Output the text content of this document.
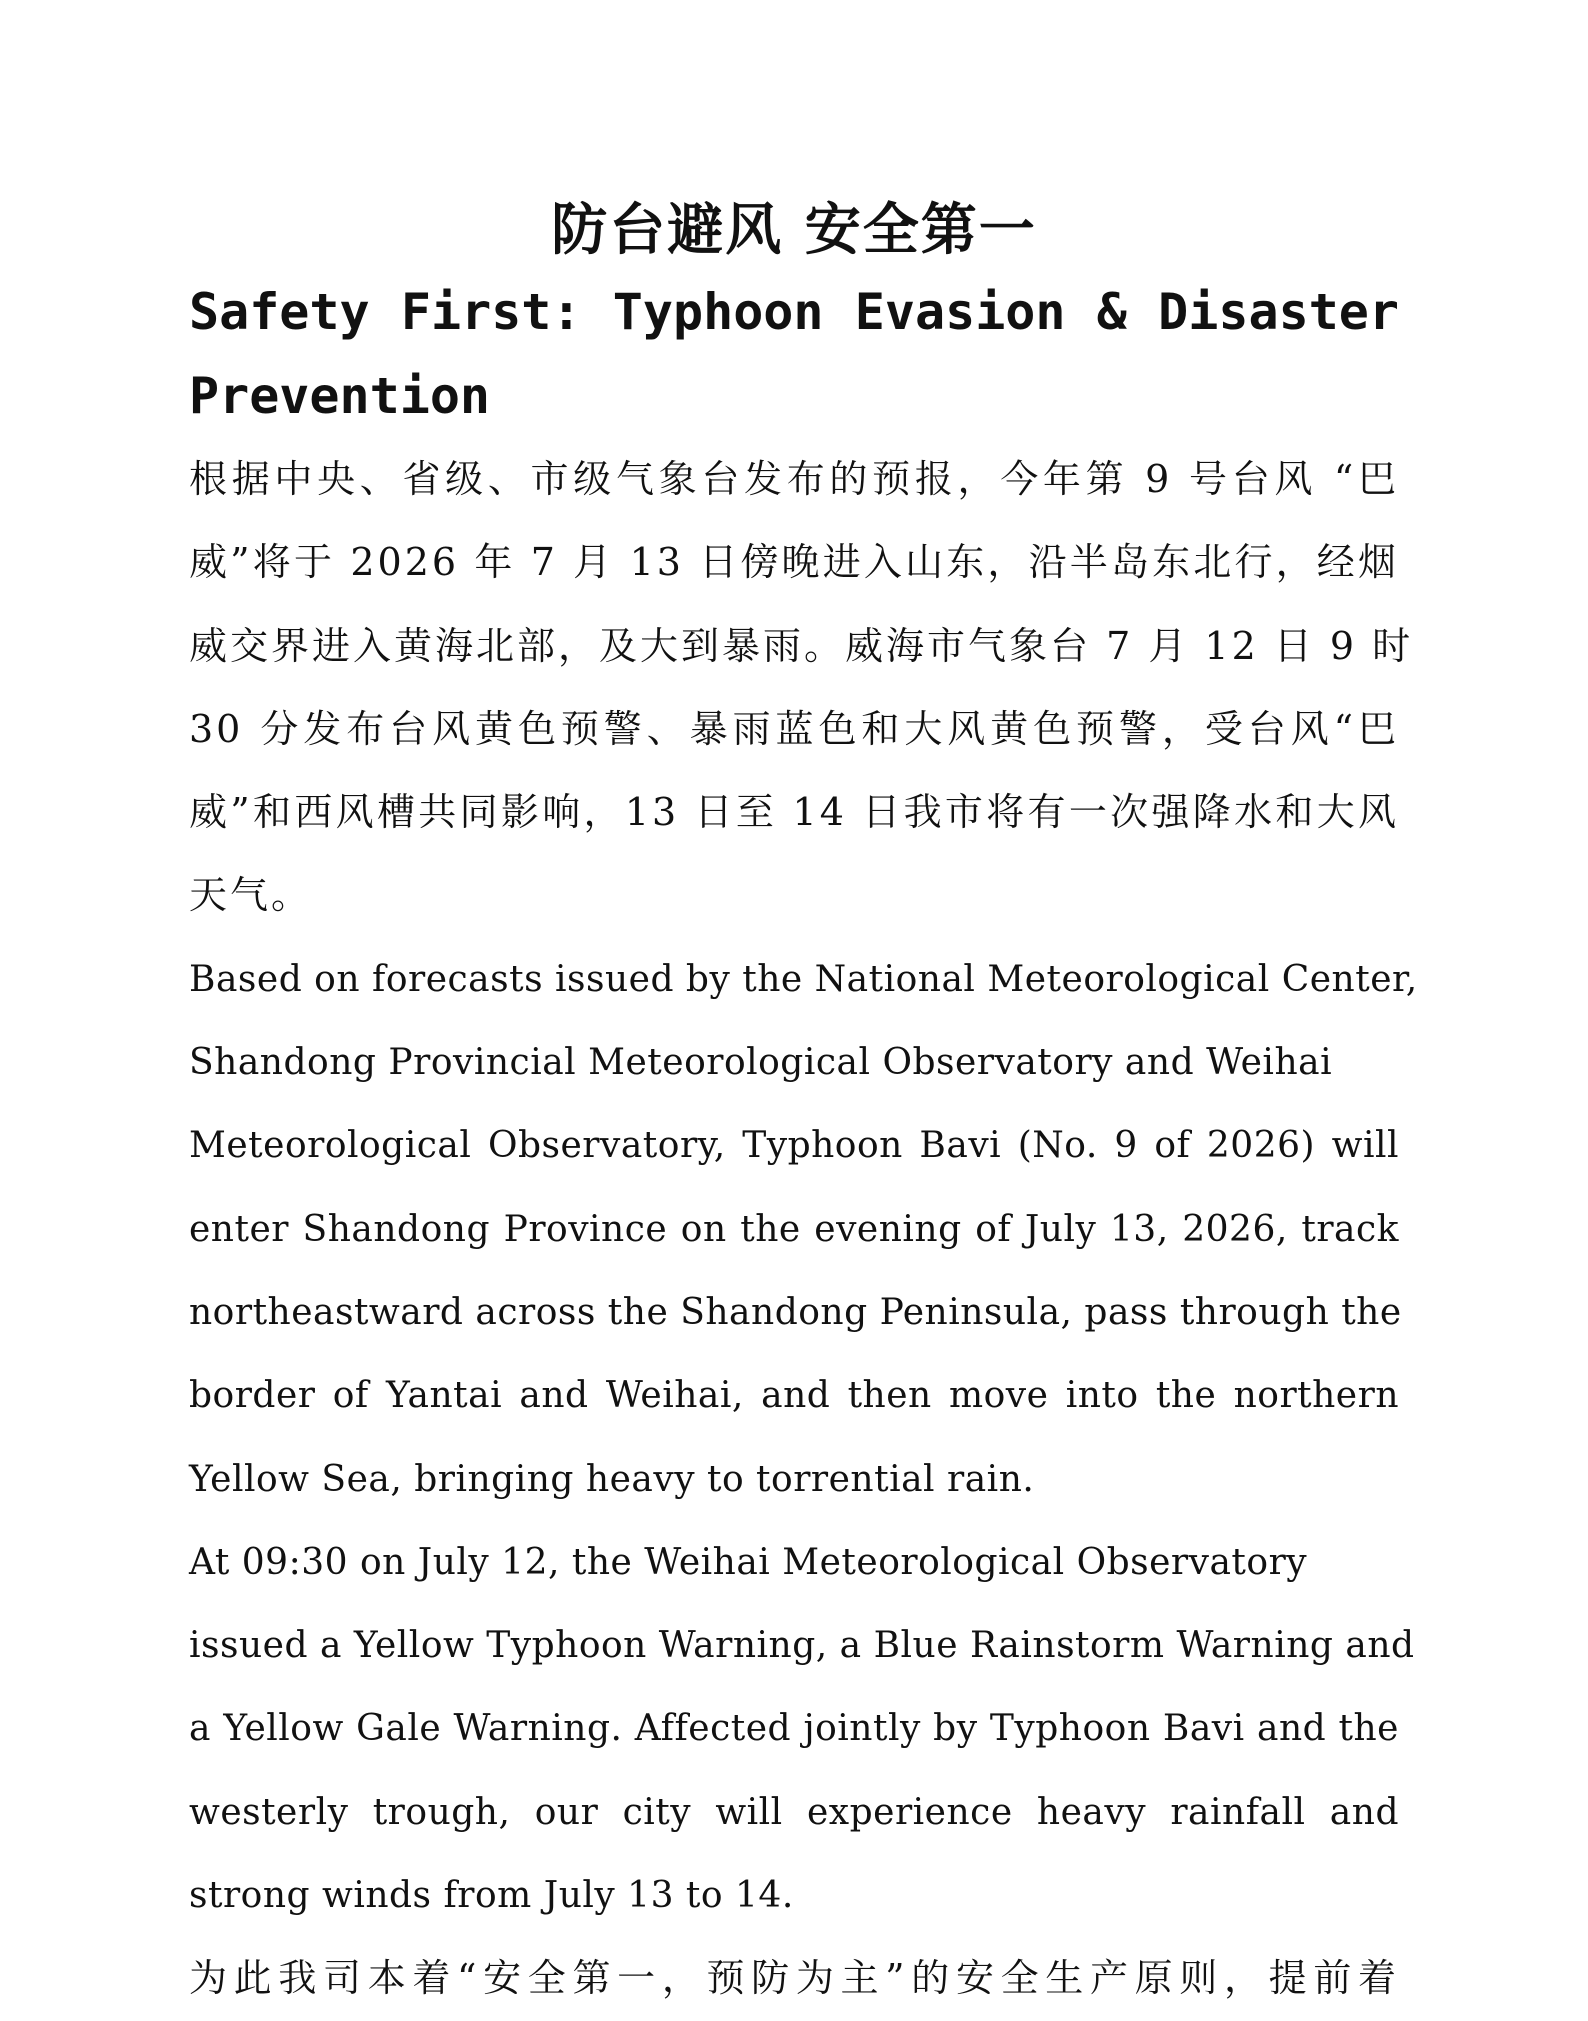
防台避风 安全第一
Safety First: Typhoon Evasion & Disaster
Prevention

根据中央、省级、市级气象台发布的预报，今年第 9 号台风 “巴
威”将于 2026 年 7 月 13 日傍晚进入山东，沿半岛东北行，经烟
威交界进入黄海北部，及大到暴雨。威海市气象台 7 月 12 日 9 时
30 分发布台风黄色预警、暴雨蓝色和大风黄色预警，受台风“巴
威”和西风槽共同影响，13 日至 14 日我市将有一次强降水和大风
天气。

Based on forecasts issued by the National Meteorological Center,
Shandong Provincial Meteorological Observatory and Weihai
Meteorological Observatory, Typhoon Bavi (No. 9 of 2026) will
enter Shandong Province on the evening of July 13, 2026, track
northeastward across the Shandong Peninsula, pass through the
border of Yantai and Weihai, and then move into the northern
Yellow Sea, bringing heavy to torrential rain.

At 09:30 on July 12, the Weihai Meteorological Observatory
issued a Yellow Typhoon Warning, a Blue Rainstorm Warning and
a Yellow Gale Warning. Affected jointly by Typhoon Bavi and the
westerly trough, our city will experience heavy rainfall and
strong winds from July 13 to 14.

为此我司本着“安全第一，预防为主”的安全生产原则，提前着
